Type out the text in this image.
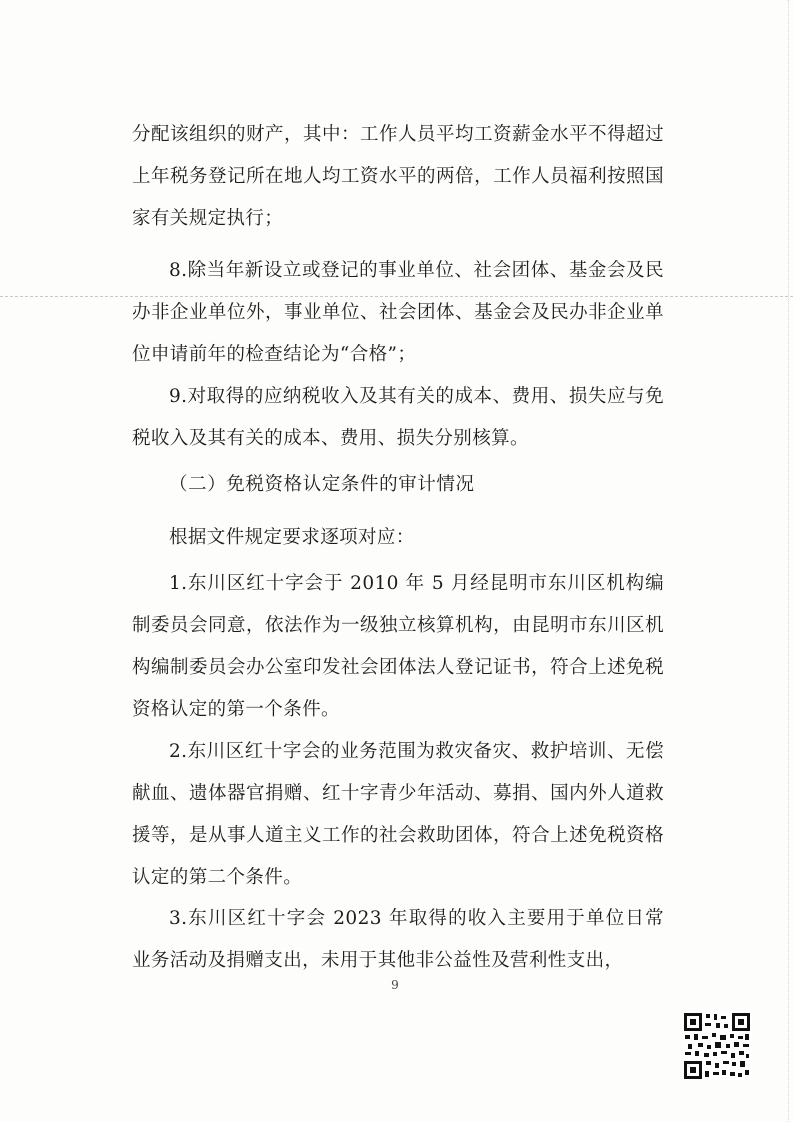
分配该组织的财产，其中：工作人员平均工资薪金水平不得超过上年税务登记所在地人均工资水平的两倍，工作人员福利按照国家有关规定执行；

8.除当年新设立或登记的事业单位、社会团体、基金会及民办非企业单位外，事业单位、社会团体、基金会及民办非企业单位申请前年的检查结论为“合格”；

9.对取得的应纳税收入及其有关的成本、费用、损失应与免税收入及其有关的成本、费用、损失分别核算。

（二）免税资格认定条件的审计情况

根据文件规定要求逐项对应：

1.东川区红十字会于 2010 年 5 月经昆明市东川区机构编制委员会同意，依法作为一级独立核算机构，由昆明市东川区机构编制委员会办公室印发社会团体法人登记证书，符合上述免税资格认定的第一个条件。

2.东川区红十字会的业务范围为救灾备灾、救护培训、无偿献血、遗体器官捐赠、红十字青少年活动、募捐、国内外人道救援等，是从事人道主义工作的社会救助团体，符合上述免税资格认定的第二个条件。

3.东川区红十字会 2023 年取得的收入主要用于单位日常业务活动及捐赠支出，未用于其他非公益性及营利性支出，

9
